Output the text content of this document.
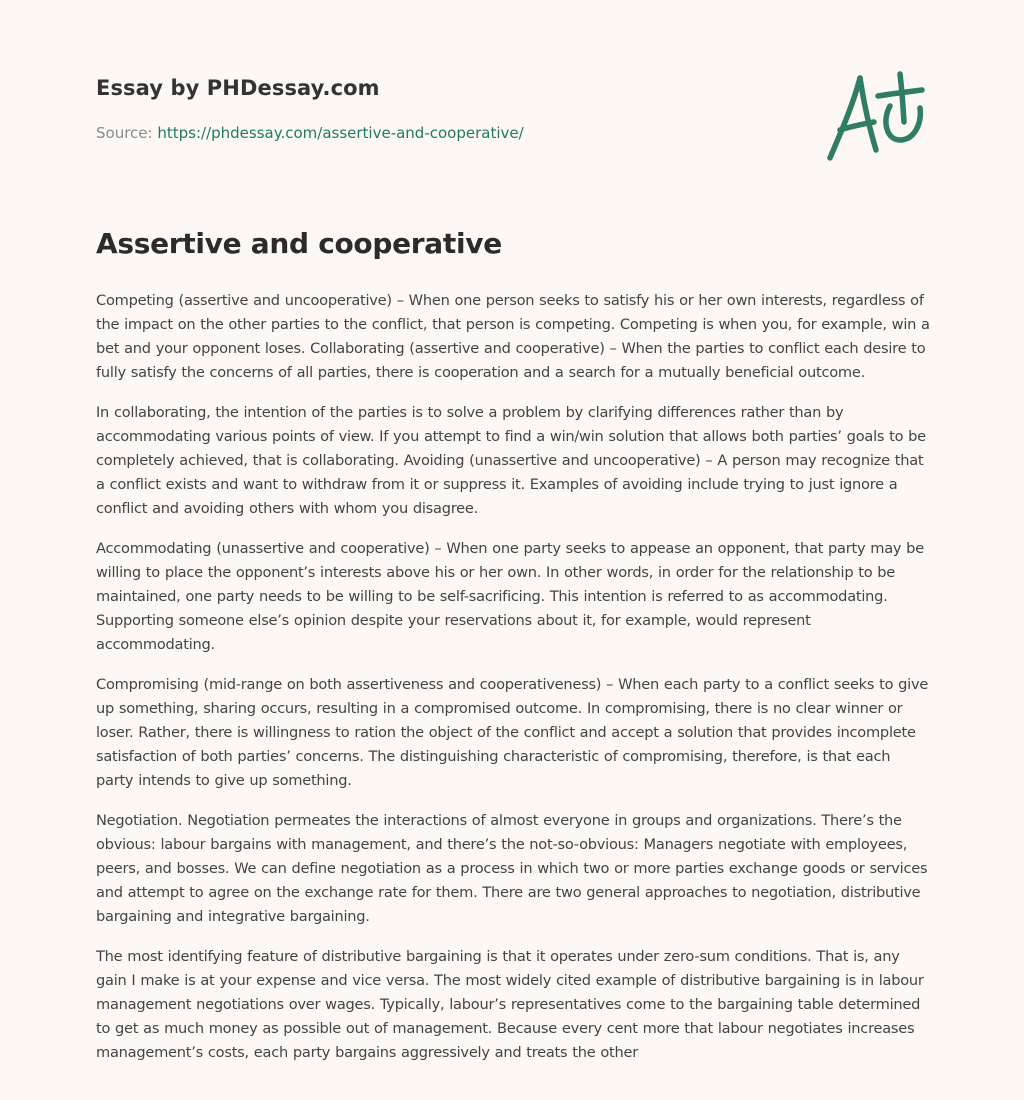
Essay by PHDessay.com
Source: https://phdessay.com/assertive-and-cooperative/
Assertive and cooperative

Competing (assertive and uncooperative) – When one person seeks to satisfy his or her own interests, regardless of the impact on the other parties to the conflict, that person is competing. Competing is when you, for example, win a bet and your opponent loses. Collaborating (assertive and cooperative) – When the parties to conflict each desire to fully satisfy the concerns of all parties, there is cooperation and a search for a mutually beneficial outcome.

In collaborating, the intention of the parties is to solve a problem by clarifying differences rather than by accommodating various points of view. If you attempt to find a win/win solution that allows both parties’ goals to be completely achieved, that is collaborating. Avoiding (unassertive and uncooperative) – A person may recognize that a conflict exists and want to withdraw from it or suppress it. Examples of avoiding include trying to just ignore a conflict and avoiding others with whom you disagree.

Accommodating (unassertive and cooperative) – When one party seeks to appease an opponent, that party may be willing to place the opponent’s interests above his or her own. In other words, in order for the relationship to be maintained, one party needs to be willing to be self-sacrificing. This intention is referred to as accommodating. Supporting someone else’s opinion despite your reservations about it, for example, would represent accommodating.

Compromising (mid-range on both assertiveness and cooperativeness) – When each party to a conflict seeks to give up something, sharing occurs, resulting in a compromised outcome. In compromising, there is no clear winner or loser. Rather, there is willingness to ration the object of the conflict and accept a solution that provides incomplete satisfaction of both parties’ concerns. The distinguishing characteristic of compromising, therefore, is that each party intends to give up something.

Negotiation. Negotiation permeates the interactions of almost everyone in groups and organizations. There’s the obvious: labour bargains with management, and there’s the not-so-obvious: Managers negotiate with employees, peers, and bosses. We can define negotiation as a process in which two or more parties exchange goods or services and attempt to agree on the exchange rate for them. There are two general approaches to negotiation, distributive bargaining and integrative bargaining.

The most identifying feature of distributive bargaining is that it operates under zero-sum conditions. That is, any gain I make is at your expense and vice versa. The most widely cited example of distributive bargaining is in labour management negotiations over wages. Typically, labour’s representatives come to the bargaining table determined to get as much money as possible out of management. Because every cent more that labour negotiates increases management’s costs, each party bargains aggressively and treats the other
